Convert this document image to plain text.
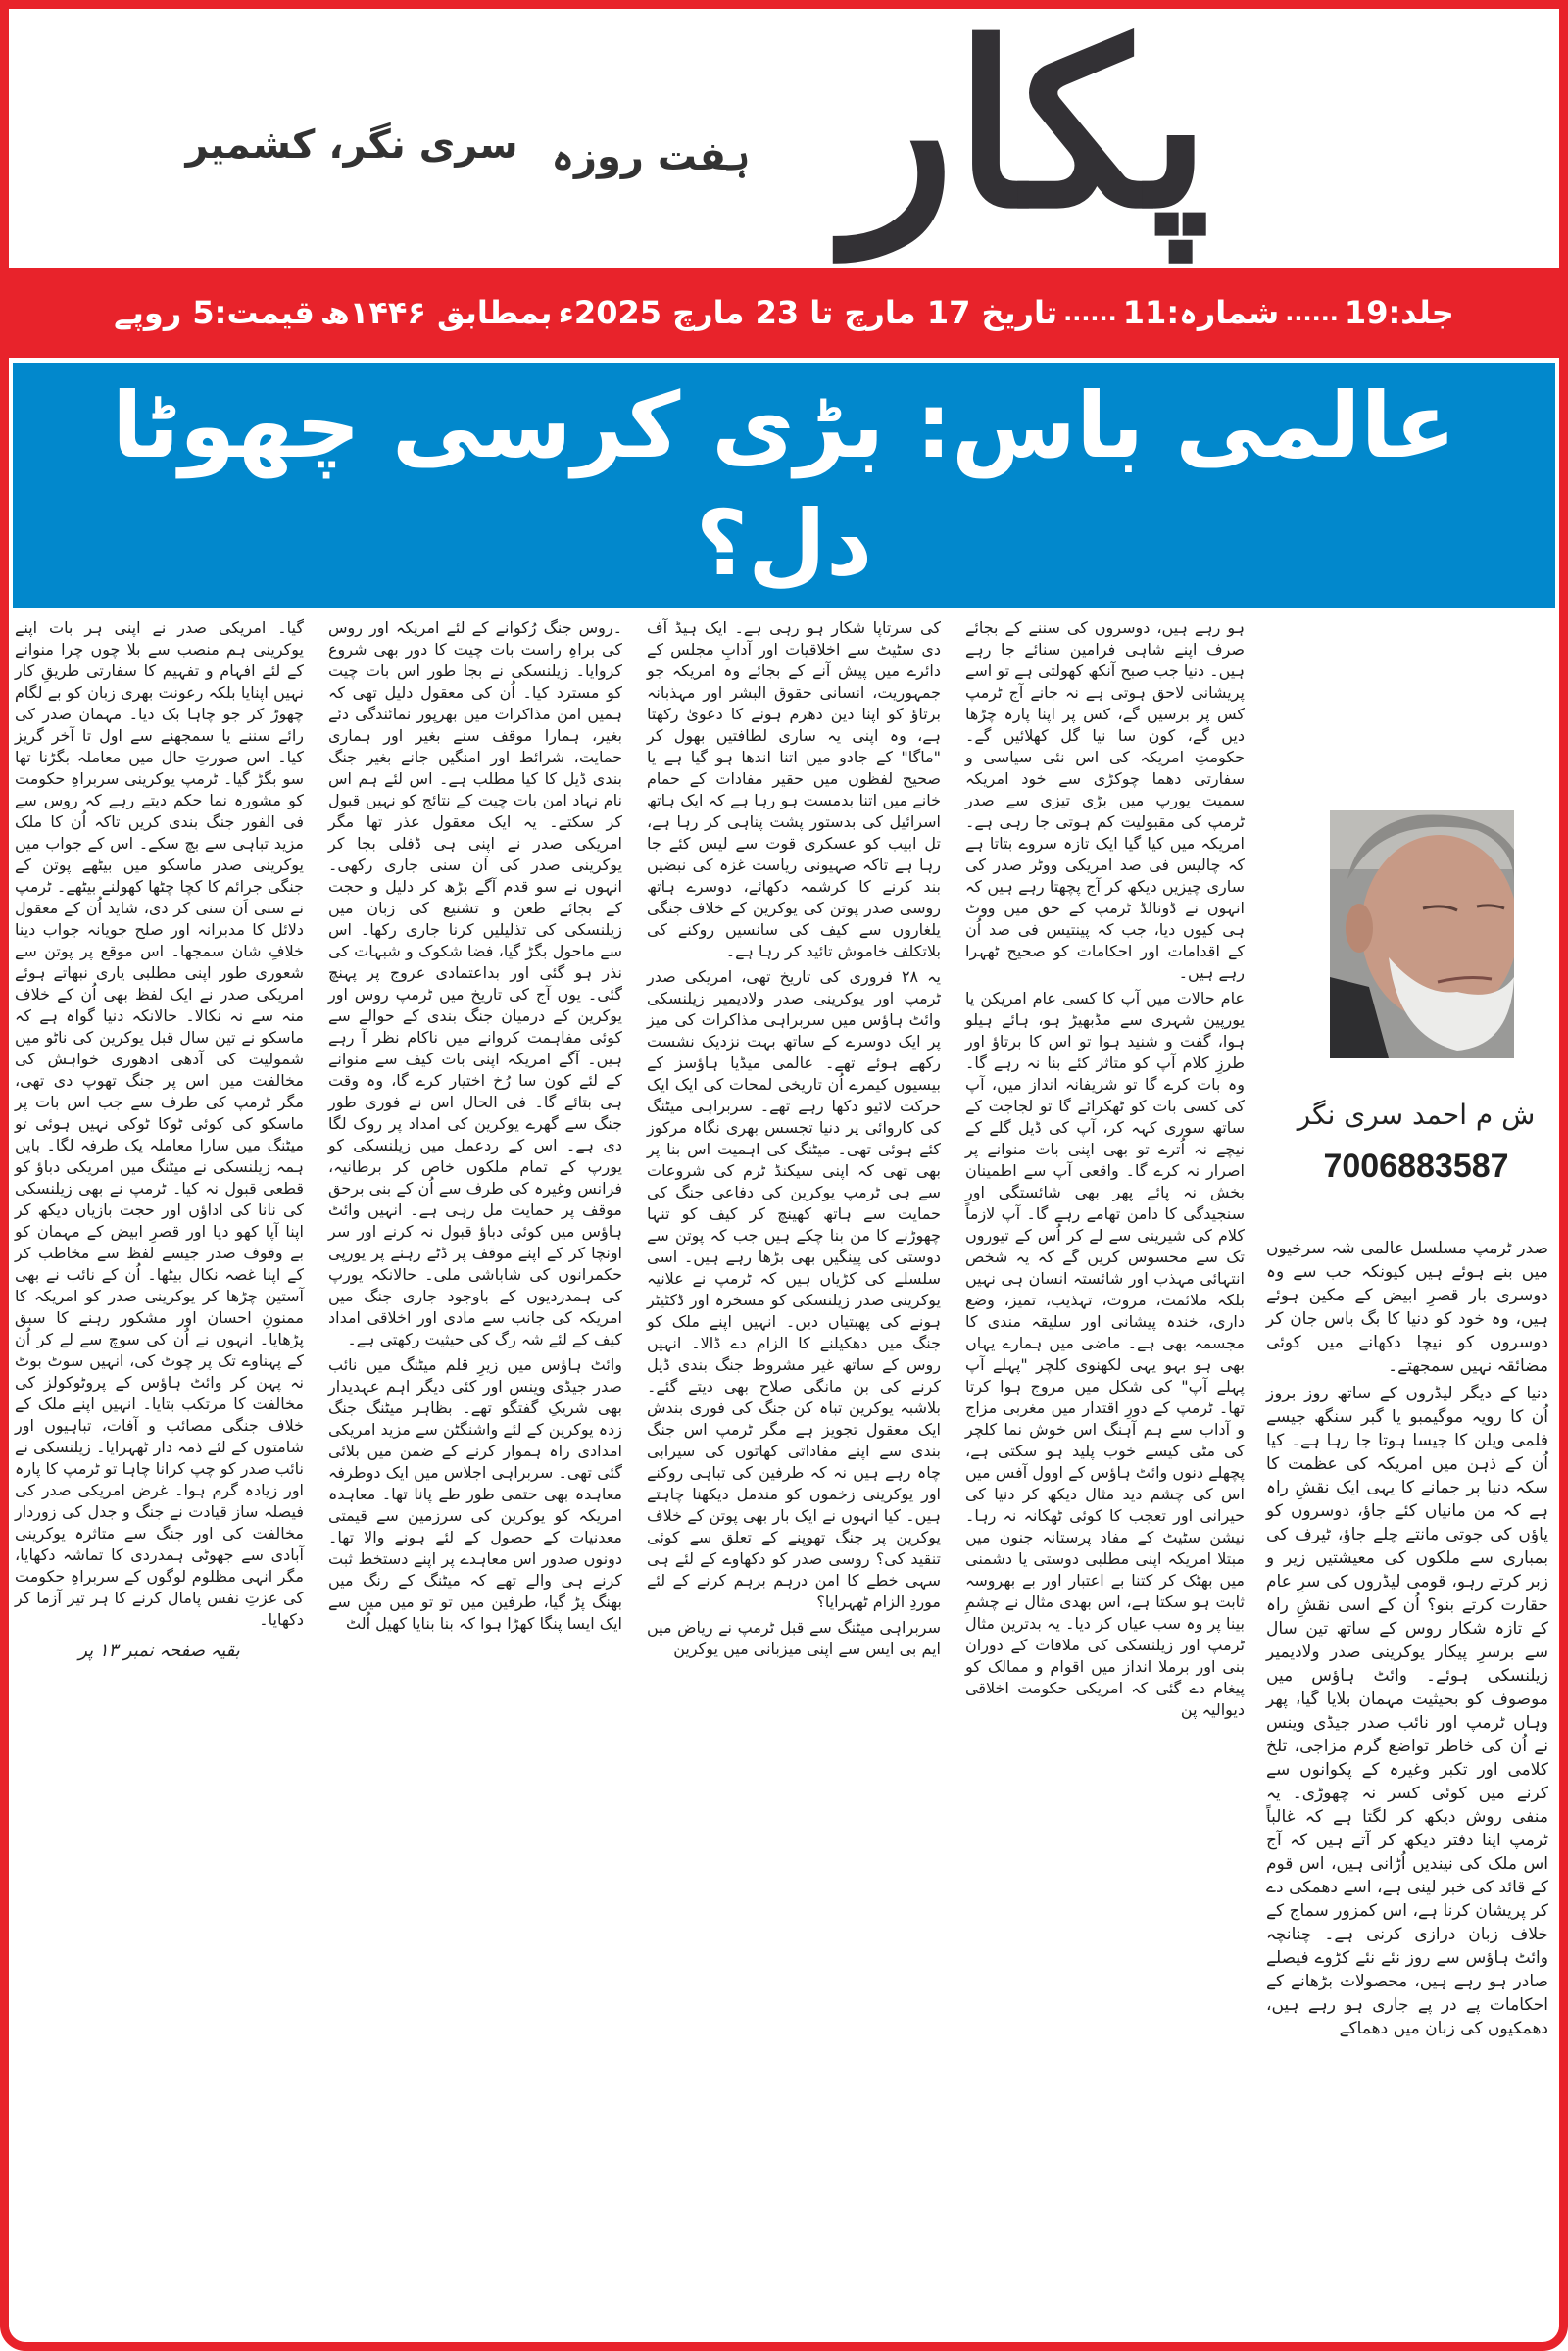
پکار
ہفت روزہ
سری نگر، کشمیر
جلد:19
......
شمارہ:11
......
تاریخ 17 مارچ تا 23 مارچ 2025ء
بمطابق ۱۴۴۶ھ
قیمت:5 روپے
عالمی باس: بڑی کرسی چھوٹا دل؟

ہو رہے ہیں، دوسروں کی سننے کے بجائے صرف اپنے شاہی فرامین سنائے جا رہے ہیں۔ دنیا جب صبح آنکھ کھولتی ہے تو اسے پریشانی لاحق ہوتی ہے نہ جانے آج ٹرمپ کس پر برسیں گے، کس پر اپنا پارہ چڑھا دیں گے، کون سا نیا گل کھلائیں گے۔ حکومتِ امریکہ کی اس نئی سیاسی و سفارتی دھما چوکڑی سے خود امریکہ سمیت یورپ میں بڑی تیزی سے صدر ٹرمپ کی مقبولیت کم ہوتی جا رہی ہے۔ امریکہ میں کیا گیا ایک تازہ سروے بتاتا ہے کہ چالیس فی صد امریکی ووٹر صدر کی ساری چیزیں دیکھ کر آج پچھتا رہے ہیں کہ انہوں نے ڈونالڈ ٹرمپ کے حق میں ووٹ ہی کیوں دیا، جب کہ پینتیس فی صد اُن کے اقدامات اور احکامات کو صحیح ٹھہرا رہے ہیں۔

عام حالات میں آپ کا کسی عام امریکن یا یورپین شہری سے مڈبھیڑ ہو، ہائے ہیلو ہوا، گفت و شنید ہوا تو اس کا برتاؤ اور طرزِ کلام آپ کو متاثر کئے بنا نہ رہے گا۔ وہ بات کرے گا تو شریفانہ انداز میں، آپ کی کسی بات کو ٹھکرائے گا تو لجاجت کے ساتھ سوری کہہ کر، آپ کی ڈیل گلے کے نیچے نہ اُترے تو بھی اپنی بات منوانے پر اصرار نہ کرے گا۔ واقعی آپ سے اطمینان بخش نہ پائے پھر بھی شائستگی اور سنجیدگی کا دامن تھامے رہے گا۔ آپ لازماً کلام کی شیرینی سے لے کر اُس کے تیوروں تک سے محسوس کریں گے کہ یہ شخص انتہائی مہذب اور شائستہ انسان ہی نہیں بلکہ ملائمت، مروت، تہذیب، تمیز، وضع داری، خندہ پیشانی اور سلیقہ مندی کا مجسمہ بھی ہے۔ ماضی میں ہمارے یہاں بھی ہو بہو یہی لکھنوی کلچر "پہلے آپ پہلے آپ" کی شکل میں مروج ہوا کرتا تھا۔ ٹرمپ کے دورِ اقتدار میں مغربی مزاج و آداب سے ہم آہنگ اس خوش نما کلچر کی مٹی کیسے خوب پلید ہو سکتی ہے، پچھلے دنوں وائٹ ہاؤس کے اوول آفس میں اس کی چشم دید مثال دیکھ کر دنیا کی حیرانی اور تعجب کا کوئی ٹھکانہ نہ رہا۔ نیشن سٹیٹ کے مفاد پرستانہ جنون میں مبتلا امریکہ اپنی مطلبی دوستی یا دشمنی میں بھٹک کر کتنا بے اعتبار اور بے بھروسہ ثابت ہو سکتا ہے، اس بھدی مثال نے چشمِ بینا پر وہ سب عیاں کر دیا۔ یہ بدترین مثال ٹرمپ اور زیلنسکی کی ملاقات کے دوران بنی اور برملا انداز میں اقوام و ممالک کو پیغام دے گئی کہ امریکی حکومت اخلاقی دیوالیہ پن

کی سرتاپا شکار ہو رہی ہے۔ ایک ہیڈ آف دی سٹیٹ سے اخلاقیات اور آدابِ مجلس کے دائرے میں پیش آنے کے بجائے وہ امریکہ جو جمہوریت، انسانی حقوق البشر اور مہذبانہ برتاؤ کو اپنا دین دھرم ہونے کا دعویٰ رکھتا ہے، وہ اپنی یہ ساری لطافتیں بھول کر "ماگا" کے جادو میں اتنا اندھا ہو گیا ہے یا صحیح لفظوں میں حقیر مفادات کے حمام خانے میں اتنا بدمست ہو رہا ہے کہ ایک ہاتھ اسرائیل کی بدستور پشت پناہی کر رہا ہے، تل ابیب کو عسکری قوت سے لیس کئے جا رہا ہے تاکہ صہیونی ریاست غزہ کی نبضیں بند کرنے کا کرشمہ دکھائے، دوسرے ہاتھ روسی صدر پوتن کی یوکرین کے خلاف جنگی یلغاروں سے کیف کی سانسیں روکنے کی بلاتکلف خاموش تائید کر رہا ہے۔

یہ ۲۸ فروری کی تاریخ تھی، امریکی صدر ٹرمپ اور یوکرینی صدر ولادیمیر زیلنسکی وائٹ ہاؤس میں سربراہی مذاکرات کی میز پر ایک دوسرے کے ساتھ بہت نزدیک نشست رکھے ہوئے تھے۔ عالمی میڈیا ہاؤسز کے بیسیوں کیمرے اُن تاریخی لمحات کی ایک ایک حرکت لائیو دکھا رہے تھے۔ سربراہی میٹنگ کی کاروائی پر دنیا تجسس بھری نگاہ مرکوز کئے ہوئی تھی۔ میٹنگ کی اہمیت اس بنا پر بھی تھی کہ اپنی سیکنڈ ٹرم کی شروعات سے ہی ٹرمپ یوکرین کی دفاعی جنگ کی حمایت سے ہاتھ کھینچ کر کیف کو تنہا چھوڑنے کا من بنا چکے ہیں جب کہ پوتن سے دوستی کی پینگیں بھی بڑھا رہے ہیں۔ اسی سلسلے کی کڑیاں ہیں کہ ٹرمپ نے علانیہ یوکرینی صدر زیلنسکی کو مسخرہ اور ڈکٹیٹر ہونے کی پھبتیاں دیں۔ انہیں اپنے ملک کو جنگ میں دھکیلنے کا الزام دے ڈالا۔ انہیں روس کے ساتھ غیر مشروط جنگ بندی ڈیل کرنے کی بن مانگی صلاح بھی دیتے گئے۔ بلاشبہ یوکرین تباہ کن جنگ کی فوری بندش ایک معقول تجویز ہے مگر ٹرمپ اس جنگ بندی سے اپنے مفاداتی کھاتوں کی سیرابی چاہ رہے ہیں نہ کہ طرفین کی تباہی روکنے اور یوکرینی زخموں کو مندمل دیکھنا چاہتے ہیں۔ کیا انہوں نے ایک بار بھی پوتن کے خلاف یوکرین پر جنگ تھوپنے کے تعلق سے کوئی تنقید کی؟ روسی صدر کو دکھاوے کے لئے ہی سہی خطے کا امن درہم برہم کرنے کے لئے موردِ الزام ٹھہرایا؟

سربراہی میٹنگ سے قبل ٹرمپ نے ریاض میں ایم بی ایس سے اپنی میزبانی میں یوکرین

۔روس جنگ رُکوانے کے لئے امریکہ اور روس کی براہِ راست بات چیت کا دور بھی شروع کروایا۔ زیلنسکی نے بجا طور اس بات چیت کو مسترد کیا۔ اُن کی معقول دلیل تھی کہ ہمیں امن مذاکرات میں بھرپور نمائندگی دئے بغیر، ہمارا موقف سنے بغیر اور ہماری حمایت، شرائط اور امنگیں جانے بغیر جنگ بندی ڈیل کا کیا مطلب ہے۔ اس لئے ہم اس نام نہاد امن بات چیت کے نتائج کو نہیں قبول کر سکتے۔ یہ ایک معقول عذر تھا مگر امریکی صدر نے اپنی ہی ڈفلی بجا کر یوکرینی صدر کی اَن سنی جاری رکھی۔ انہوں نے سو قدم آگے بڑھ کر دلیل و حجت کے بجائے طعن و تشنیع کی زبان میں زیلنسکی کی تذلیلیں کرنا جاری رکھا۔ اس سے ماحول بگڑ گیا، فضا شکوک و شبہات کی نذر ہو گئی اور بداعتمادی عروج پر پہنچ گئی۔ یوں آج کی تاریخ میں ٹرمپ روس اور یوکرین کے درمیان جنگ بندی کے حوالے سے کوئی مفاہمت کروانے میں ناکام نظر آ رہے ہیں۔ آگے امریکہ اپنی بات کیف سے منوانے کے لئے کون سا رُخ اختیار کرے گا، وہ وقت ہی بتائے گا۔ فی الحال اس نے فوری طور جنگ سے گھرے یوکرین کی امداد پر روک لگا دی ہے۔ اس کے ردعمل میں زیلنسکی کو یورپ کے تمام ملکوں خاص کر برطانیہ، فرانس وغیرہ کی طرف سے اُن کے بنی برحق موقف پر حمایت مل رہی ہے۔ انہیں وائٹ ہاؤس میں کوئی دباؤ قبول نہ کرنے اور سر اونچا کر کے اپنے موقف پر ڈٹے رہنے پر یورپی حکمرانوں کی شاباشی ملی۔ حالانکہ یورپ کی ہمدردیوں کے باوجود جاری جنگ میں امریکہ کی جانب سے مادی اور اخلاقی امداد کیف کے لئے شہ رگ کی حیثیت رکھتی ہے۔

وائٹ ہاؤس میں زیرِ قلم میٹنگ میں نائب صدر جیڈی وینس اور کئی دیگر اہم عہدیدار بھی شریکِ گفتگو تھے۔ بظاہر میٹنگ جنگ زدہ یوکرین کے لئے واشنگٹن سے مزید امریکی امدادی راہ ہموار کرنے کے ضمن میں بلائی گئی تھی۔ سربراہی اجلاس میں ایک دوطرفہ معاہدہ بھی حتمی طور طے پانا تھا۔ معاہدہ امریکہ کو یوکرین کی سرزمین سے قیمتی معدنیات کے حصول کے لئے ہونے والا تھا۔ دونوں صدور اس معاہدے پر اپنے دستخط ثبت کرنے ہی والے تھے کہ میٹنگ کے رنگ میں بھنگ پڑ گیا، طرفین میں تو تو میں میں سے ایک ایسا پنگا کھڑا ہوا کہ بنا بنایا کھیل اُلٹ

گیا۔ امریکی صدر نے اپنی ہر بات اپنے یوکرینی ہم منصب سے بلا چوں چرا منوانے کے لئے افہام و تفہیم کا سفارتی طریقِ کار نہیں اپنایا بلکہ رعونت بھری زبان کو بے لگام چھوڑ کر جو چاہا بک دیا۔ مہمان صدر کی رائے سننے یا سمجھنے سے اول تا آخر گریز کیا۔ اس صورتِ حال میں معاملہ بگڑنا تھا سو بگڑ گیا۔ ٹرمپ یوکرینی سربراہِ حکومت کو مشورہ نما حکم دیتے رہے کہ روس سے فی الفور جنگ بندی کریں تاکہ اُن کا ملک مزید تباہی سے بچ سکے۔ اس کے جواب میں یوکرینی صدر ماسکو میں بیٹھے پوتن کے جنگی جرائم کا کچا چٹھا کھولنے بیٹھے۔ ٹرمپ نے سنی اَن سنی کر دی، شاید اُن کے معقول دلائل کا مدبرانہ اور صلح جویانہ جواب دینا خلافِ شان سمجھا۔ اس موقع پر پوتن سے شعوری طور اپنی مطلبی یاری نبھاتے ہوئے امریکی صدر نے ایک لفظ بھی اُن کے خلاف منہ سے نہ نکالا۔ حالانکہ دنیا گواہ ہے کہ ماسکو نے تین سال قبل یوکرین کی ناٹو میں شمولیت کی آدھی ادھوری خواہش کی مخالفت میں اس پر جنگ تھوپ دی تھی، مگر ٹرمپ کی طرف سے جب اس بات پر ماسکو کی کوئی ٹوکا ٹوکی نہیں ہوئی تو میٹنگ میں سارا معاملہ یک طرفہ لگا۔ بایں ہمہ زیلنسکی نے میٹنگ میں امریکی دباؤ کو قطعی قبول نہ کیا۔ ٹرمپ نے بھی زیلنسکی کی نانا کی اداؤں اور حجت بازیاں دیکھ کر اپنا آپا کھو دیا اور قصرِ ابیض کے مہمان کو بے وقوف صدر جیسے لفظ سے مخاطب کر کے اپنا غصہ نکال بیٹھا۔ اُن کے نائب نے بھی آستین چڑھا کر یوکرینی صدر کو امریکہ کا ممنونِ احسان اور مشکور رہنے کا سبق پڑھایا۔ انہوں نے اُن کی سوچ سے لے کر اُن کے پہناوے تک پر چوٹ کی، انہیں سوٹ بوٹ نہ پہن کر وائٹ ہاؤس کے پروٹوکولز کی مخالفت کا مرتکب بتایا۔ انہیں اپنے ملک کے خلاف جنگی مصائب و آفات، تباہیوں اور شامتوں کے لئے ذمہ دار ٹھہرایا۔ زیلنسکی نے نائب صدر کو چپ کرانا چاہا تو ٹرمپ کا پارہ اور زیادہ گرم ہوا۔ غرض امریکی صدر کی فیصلہ ساز قیادت نے جنگ و جدل کی زوردار مخالفت کی اور جنگ سے متاثرہ یوکرینی آبادی سے جھوٹی ہمدردی کا تماشہ دکھایا، مگر انہی مظلوم لوگوں کے سربراہِ حکومت کی عزتِ نفس پامال کرنے کا ہر تیر آزما کر دکھایا۔

بقیہ صفحہ نمبر ۱۳ پر
ش م احمد سری نگر
7006883587

صدر ٹرمپ مسلسل عالمی شہ سرخیوں میں بنے ہوئے ہیں کیونکہ جب سے وہ دوسری بار قصرِ ابیض کے مکین ہوئے ہیں، وہ خود کو دنیا کا بگ باس جان کر دوسروں کو نیچا دکھانے میں کوئی مضائقہ نہیں سمجھتے۔

دنیا کے دیگر لیڈروں کے ساتھ روز بروز اُن کا رویہ موگیمبو یا گبر سنگھ جیسے فلمی ویلن کا جیسا ہوتا جا رہا ہے۔ کیا اُن کے ذہن میں امریکہ کی عظمت کا سکہ دنیا پر جمانے کا یہی ایک نقشِ راہ ہے کہ من مانیاں کئے جاؤ، دوسروں کو پاؤں کی جوتی مانتے چلے جاؤ، ٹیرف کی بمباری سے ملکوں کی معیشتیں زیر و زبر کرتے رہو، قومی لیڈروں کی سرِ عام حقارت کرتے بنو؟ اُن کے اسی نقشِ راہ کے تازہ شکار روس کے ساتھ تین سال سے برسرِ پیکار یوکرینی صدر ولادیمیر زیلنسکی ہوئے۔ وائٹ ہاؤس میں موصوف کو بحیثیت مہمان بلایا گیا، پھر وہاں ٹرمپ اور نائب صدر جیڈی وینس نے اُن کی خاطر تواضع گرم مزاجی، تلخ کلامی اور تکبر وغیرہ کے پکوانوں سے کرنے میں کوئی کسر نہ چھوڑی۔ یہ منفی روش دیکھ کر لگتا ہے کہ غالباً ٹرمپ اپنا دفتر دیکھ کر آتے ہیں کہ آج اس ملک کی نیندیں اُڑانی ہیں، اس قوم کے قائد کی خبر لینی ہے، اسے دھمکی دے کر پریشان کرنا ہے، اس کمزور سماج کے خلاف زبان درازی کرنی ہے۔ چنانچہ وائٹ ہاؤس سے روز نئے نئے کڑوے فیصلے صادر ہو رہے ہیں، محصولات بڑھانے کے احکامات پے در پے جاری ہو رہے ہیں، دھمکیوں کی زبان میں دھماکے
